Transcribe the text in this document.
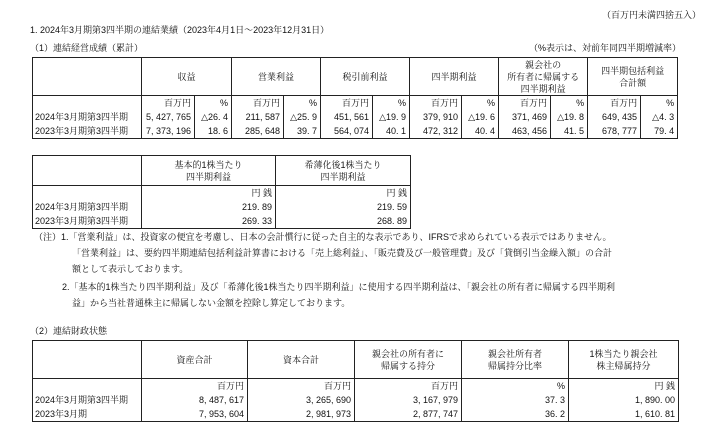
（百万円未満四捨五入）
1. 2024年3月期第3四半期の連結業績（2023年4月1日～2023年12月31日）
（1）連結経営成績（累計）	（%表示は、対前年同四半期増減率）
	収益		営業利益		税引前利益		四半期利益		親会社の
所有者に帰属する
四半期利益		四半期包括利益
合計額	
	百万円	%	百万円	%	百万円	%	百万円	%	百万円	%	百万円	%
2024年3月期第3四半期	5, 427, 765	△26. 4	211, 587	△25. 9	451, 561	△19. 9	379, 910	△19. 6	371, 469	△19. 8	649, 435	△4. 3
2023年3月期第3四半期	7, 373, 196	18. 6	285, 648	39. 7	564, 074	40. 1	472, 312	40. 4	463, 456	41. 5	678, 777	79. 4
	基本的1株当たり
四半期利益	希薄化後1株当たり
四半期利益
	円 銭	円 銭
2024年3月期第3四半期	219. 89	219. 59
2023年3月期第3四半期	269. 33	268. 89
（注）1.「営業利益」は、投資家の便宜を考慮し、日本の会計慣行に従った自主的な表示であり、IFRSで求められている表示ではありません。
「営業利益」は、要約四半期連結包括利益計算書における「売上総利益」、「販売費及び一般管理費」及び「貸倒引当金繰入額」の合計
額として表示しております。
2.「基本的1株当たり四半期利益」及び「希薄化後1株当たり四半期利益」に使用する四半期利益は、「親会社の所有者に帰属する四半期利
益」から当社普通株主に帰属しない金額を控除し算定しております。
（2）連結財政状態
	資産合計	資本合計	親会社の所有者に
帰属する持分	親会社所有者
帰属持分比率	1株当たり親会社
株主帰属持分
	百万円	百万円	百万円	%	円 銭
2024年3月期第3四半期	8, 487, 617	3, 265, 690	3, 167, 979	37. 3	1, 890. 00
2023年3月期	7, 953, 604	2, 981, 973	2, 877, 747	36. 2	1, 610. 81
